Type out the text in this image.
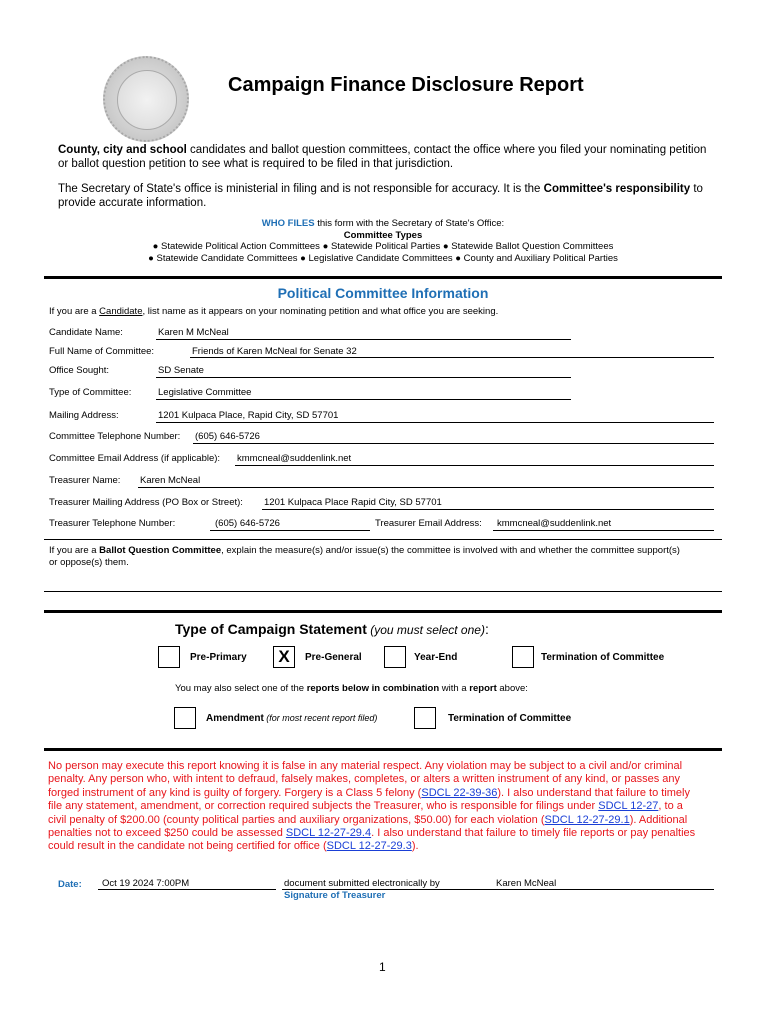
Campaign Finance Disclosure Report
County, city and school candidates and ballot question committees, contact the office where you filed your nominating petition
or ballot question petition to see what is required to be filed in that jurisdiction.
The Secretary of State's office is ministerial in filing and is not responsible for accuracy. It is the Committee's responsibility to
provide accurate information.
WHO FILES this form with the Secretary of State's Office:
Committee Types
● Statewide Political Action Committees ● Statewide Political Parties ● Statewide Ballot Question Committees
● Statewide Candidate Committees ● Legislative Candidate Committees ● County and Auxiliary Political Parties
Political Committee Information
If you are a Candidate, list name as it appears on your nominating petition and what office you are seeking.
Candidate Name:	Karen M McNeal
Full Name of Committee:	Friends of Karen McNeal for Senate 32
Office Sought:	SD Senate
Type of Committee:	Legislative Committee
Mailing Address:	1201 Kulpaca Place, Rapid City, SD 57701
Committee Telephone Number: (605) 646-5726
Committee Email Address (if applicable): kmmcneal@suddenlink.net
Treasurer Name: Karen McNeal
Treasurer Mailing Address (PO Box or Street): 1201 Kulpaca Place Rapid City, SD 57701
Treasurer Telephone Number:	(605) 646-5726	Treasurer Email Address: kmmcneal@suddenlink.net
If you are a Ballot Question Committee, explain the measure(s) and/or issue(s) the committee is involved with and whether the committee support(s)
or oppose(s) them.
Type of Campaign Statement (you must select one):
Pre-Primary	X	Pre-General	Year-End	Termination of Committee
You may also select one of the reports below in combination with a report above:
Amendment (for most recent report filed)	Termination of Committee
No person may execute this report knowing it is false in any material respect. Any violation may be subject to a civil and/or criminal
penalty. Any person who, with intent to defraud, falsely makes, completes, or alters a written instrument of any kind, or passes any
forged instrument of any kind is guilty of forgery. Forgery is a Class 5 felony (SDCL 22-39-36). I also understand that failure to timely
file any statement, amendment, or correction required subjects the Treasurer, who is responsible for filings under SDCL 12-27, to a
civil penalty of $200.00 (county political parties and auxiliary organizations, $50.00) for each violation (SDCL 12-27-29.1). Additional
penalties not to exceed $250 could be assessed SDCL 12-27-29.4. I also understand that failure to timely file reports or pay penalties
could result in the candidate not being certified for office (SDCL 12-27-29.3).
Date: Oct 19 2024 7:00PM	document submitted electronically by	Karen McNeal
Signature of Treasurer
1
